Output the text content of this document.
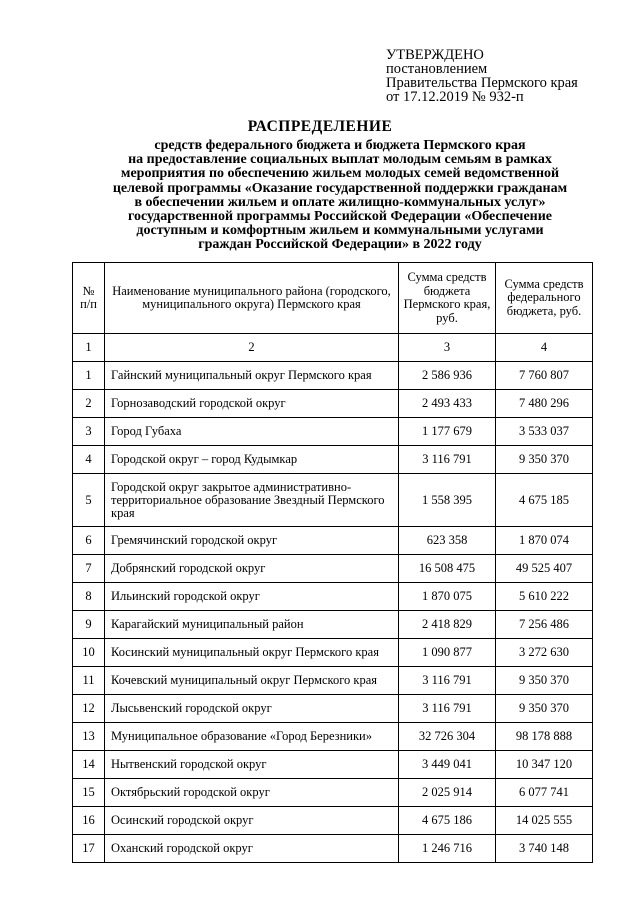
УТВЕРЖДЕНО
постановлением
Правительства Пермского края
от 17.12.2019 № 932-п
РАСПРЕДЕЛЕНИЕ
средств федерального бюджета и бюджета Пермского края
на предоставление социальных выплат молодым семьям в рамках
мероприятия по обеспечению жильем молодых семей ведомственной
целевой программы «Оказание государственной поддержки гражданам
в обеспечении жильем и оплате жилищно-коммунальных услуг»
государственной программы Российской Федерации «Обеспечение
доступным и комфортным жильем и коммунальными услугами
граждан Российской Федерации» в 2022 году
№ п/п	Наименование муниципального района (городского, муниципального округа) Пермского края	Сумма средств бюджета Пермского края, руб.	Сумма средств федерального бюджета, руб.
1	2	3	4
1	Гайнский муниципальный округ Пермского края	2 586 936	7 760 807
2	Горнозаводский городской округ	2 493 433	7 480 296
3	Город Губаха	1 177 679	3 533 037
4	Городской округ – город Кудымкар	3 116 791	9 350 370
5	Городской округ закрытое административно-территориальное образование Звездный Пермского края	1 558 395	4 675 185
6	Гремячинский городской округ	623 358	1 870 074
7	Добрянский городской округ	16 508 475	49 525 407
8	Ильинский городской округ	1 870 075	5 610 222
9	Карагайский муниципальный район	2 418 829	7 256 486
10	Косинский муниципальный округ Пермского края	1 090 877	3 272 630
11	Кочевский муниципальный округ Пермского края	3 116 791	9 350 370
12	Лысьвенский городской округ	3 116 791	9 350 370
13	Муниципальное образование «Город Березники»	32 726 304	98 178 888
14	Нытвенский городской округ	3 449 041	10 347 120
15	Октябрьский городской округ	2 025 914	6 077 741
16	Осинский городской округ	4 675 186	14 025 555
17	Оханский городской округ	1 246 716	3 740 148
